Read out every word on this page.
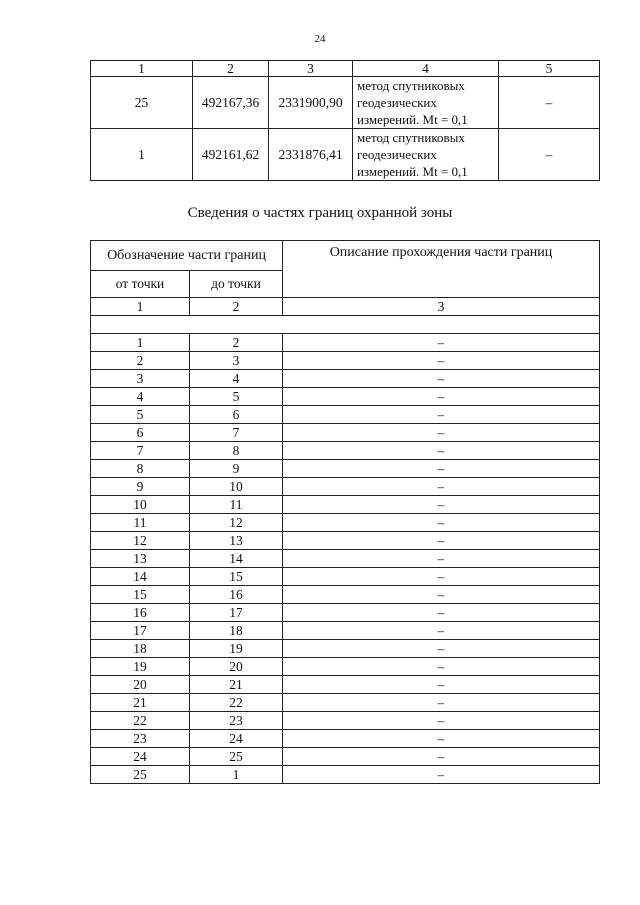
24
1	2	3	4	5
25	492167,36	2331900,90	метод спутниковых
геодезических
измерений. Mt = 0,1	–
1	492161,62	2331876,41	метод спутниковых
геодезических
измерений. Mt = 0,1	–
Сведения о частях границ охранной зоны
Обозначение части границ		Описание прохождения части границ
от точки	до точки	
1	2	3

1	2	–
2	3	–
3	4	–
4	5	–
5	6	–
6	7	–
7	8	–
8	9	–
9	10	–
10	11	–
11	12	–
12	13	–
13	14	–
14	15	–
15	16	–
16	17	–
17	18	–
18	19	–
19	20	–
20	21	–
21	22	–
22	23	–
23	24	–
24	25	–
25	1	–
